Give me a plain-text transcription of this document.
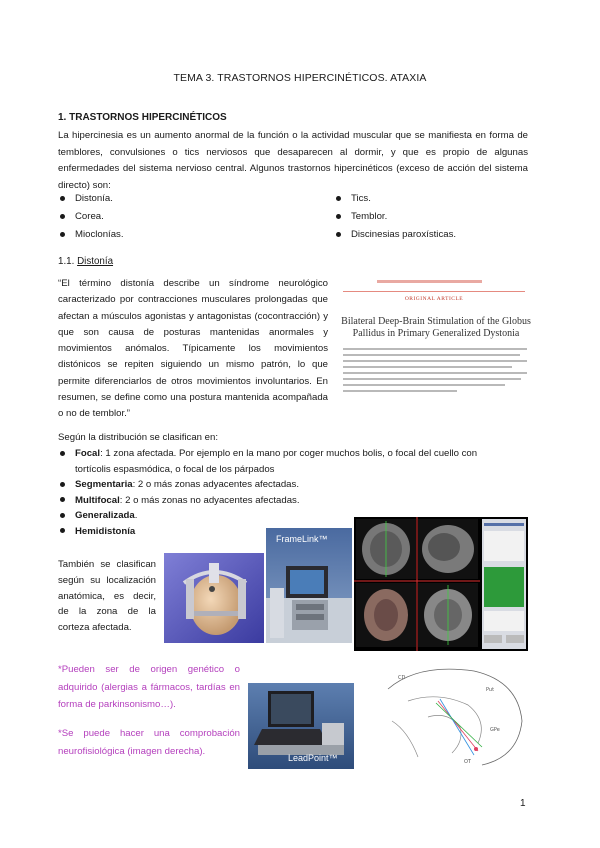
TEMA 3. TRASTORNOS HIPERCINÉTICOS. ATAXIA
1. TRASTORNOS HIPERCINÉTICOS
La hipercinesia es un aumento anormal de la función o la actividad muscular que se manifiesta en forma de temblores, convulsiones o tics nerviosos que desaparecen al dormir, y que es propio de algunas enfermedades del sistema nervioso central. Algunos trastornos hipercinéticos (exceso de acción del sistema directo) son:
Distonía.
Corea.
Mioclonías.
Tics.
Temblor.
Discinesias paroxísticas.
1.1. Distonía
“El término distonía describe un síndrome neurológico caracterizado por contracciones musculares prolongadas que afectan a músculos agonistas y antagonistas (cocontracción) y que son causa de posturas mantenidas anormales y movimientos anómalos. Típicamente los movimientos distónicos se repiten siguiendo un mismo patrón, lo que permite diferenciarlos de otros movimientos involuntarios. En resumen, se define como una postura mantenida acompañada o no de temblor.”
ORIGINAL ARTICLE
Bilateral Deep-Brain Stimulation of the Globus Pallidus in Primary Generalized Dystonia
Según la distribución se clasifican en:
Focal: 1 zona afectada. Por ejemplo en la mano por coger muchos bolis, o focal del cuello con
tortícolis espasmódica, o focal de los párpados
Segmentaria: 2 o más zonas adyacentes afectadas.
Multifocal: 2 o más zonas no adyacentes afectadas.
Generalizada.
Hemidistonía
También se clasifican según su localización anatómica, es decir, de la zona de la corteza afectada.
FrameLink™
*Pueden ser de origen genético o adquirido (alergias a fármacos, tardías en forma de parkinsonismo…).
*Se puede hacer una comprobación neurofisiológica (imagen derecha).
LeadPoint™
CD
Put
GPe
OT
1
